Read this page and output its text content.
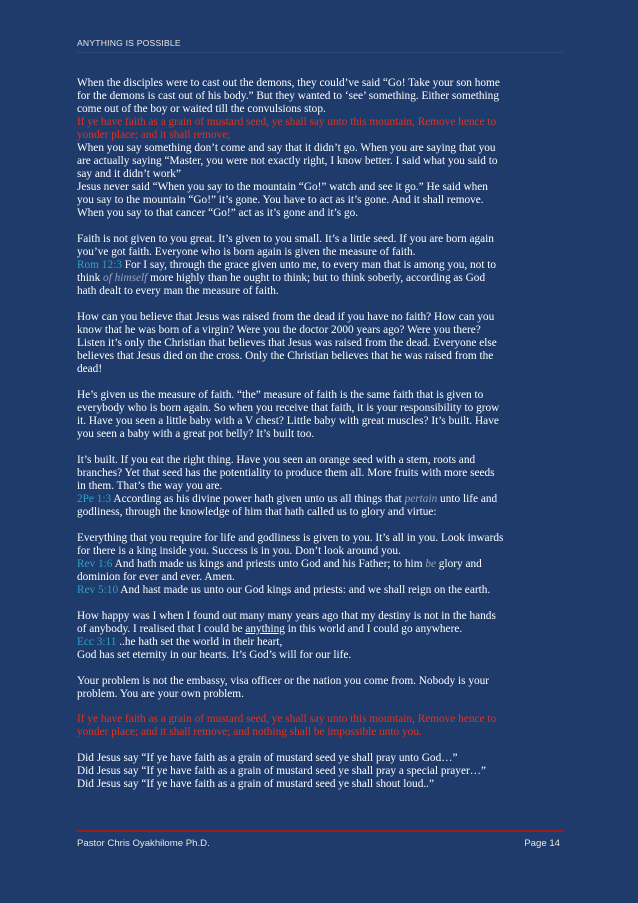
ANYTHING IS POSSIBLE
When the disciples were to cast out the demons, they could’ve said “Go! Take your son home
for the demons is cast out of his body.” But they wanted to ‘see’ something. Either something
come out of the boy or waited till the convulsions stop.
If ye have faith as a grain of mustard seed, ye shall say unto this mountain, Remove hence to
yonder place; and it shall remove;
When you say something don’t come and say that it didn’t go. When you are saying that you
are actually saying “Master, you were not exactly right, I know better. I said what you said to
say and it didn’t work”
Jesus never said “When you say to the mountain “Go!” watch and see it go.” He said when
you say to the mountain “Go!” it’s gone. You have to act as it’s gone. And it shall remove.
When you say to that cancer “Go!” act as it’s gone and it’s go.
Faith is not given to you great. It’s given to you small. It’s a little seed. If you are born again
you’ve got faith. Everyone who is born again is given the measure of faith.
Rom 12:3 For I say, through the grace given unto me, to every man that is among you, not to
think of himself more highly than he ought to think; but to think soberly, according as God
hath dealt to every man the measure of faith.
How can you believe that Jesus was raised from the dead if you have no faith? How can you
know that he was born of a virgin? Were you the doctor 2000 years ago? Were you there?
Listen it’s only the Christian that believes that Jesus was raised from the dead. Everyone else
believes that Jesus died on the cross. Only the Christian believes that he was raised from the
dead!
He’s given us the measure of faith. “the” measure of faith is the same faith that is given to
everybody who is born again. So when you receive that faith, it is your responsibility to grow
it. Have you seen a little baby with a V chest? Little baby with great muscles? It’s built. Have
you seen a baby with a great pot belly? It’s built too.
It’s built. If you eat the right thing. Have you seen an orange seed with a stem, roots and
branches? Yet that seed has the potentiality to produce them all. More fruits with more seeds
in them. That’s the way you are.
2Pe 1:3 According as his divine power hath given unto us all things that pertain unto life and
godliness, through the knowledge of him that hath called us to glory and virtue:
Everything that you require for life and godliness is given to you. It’s all in you. Look inwards
for there is a king inside you. Success is in you. Don’t look around you.
Rev 1:6 And hath made us kings and priests unto God and his Father; to him be glory and
dominion for ever and ever. Amen.
Rev 5:10 And hast made us unto our God kings and priests: and we shall reign on the earth.
How happy was I when I found out many many years ago that my destiny is not in the hands
of anybody. I realised that I could be anything in this world and I could go anywhere.
Ecc 3:11 ..he hath set the world in their heart,
God has set eternity in our hearts. It’s God’s will for our life.
Your problem is not the embassy, visa officer or the nation you come from. Nobody is your
problem. You are your own problem.
If ye have faith as a grain of mustard seed, ye shall say unto this mountain, Remove hence to
yonder place; and it shall remove; and nothing shall be impossible unto you.
Did Jesus say “If ye have faith as a grain of mustard seed ye shall pray unto God…”
Did Jesus say “If ye have faith as a grain of mustard seed ye shall pray a special prayer…”
Did Jesus say “If ye have faith as a grain of mustard seed ye shall shout loud..”
Pastor Chris Oyakhilome Ph.D.	Page 14
